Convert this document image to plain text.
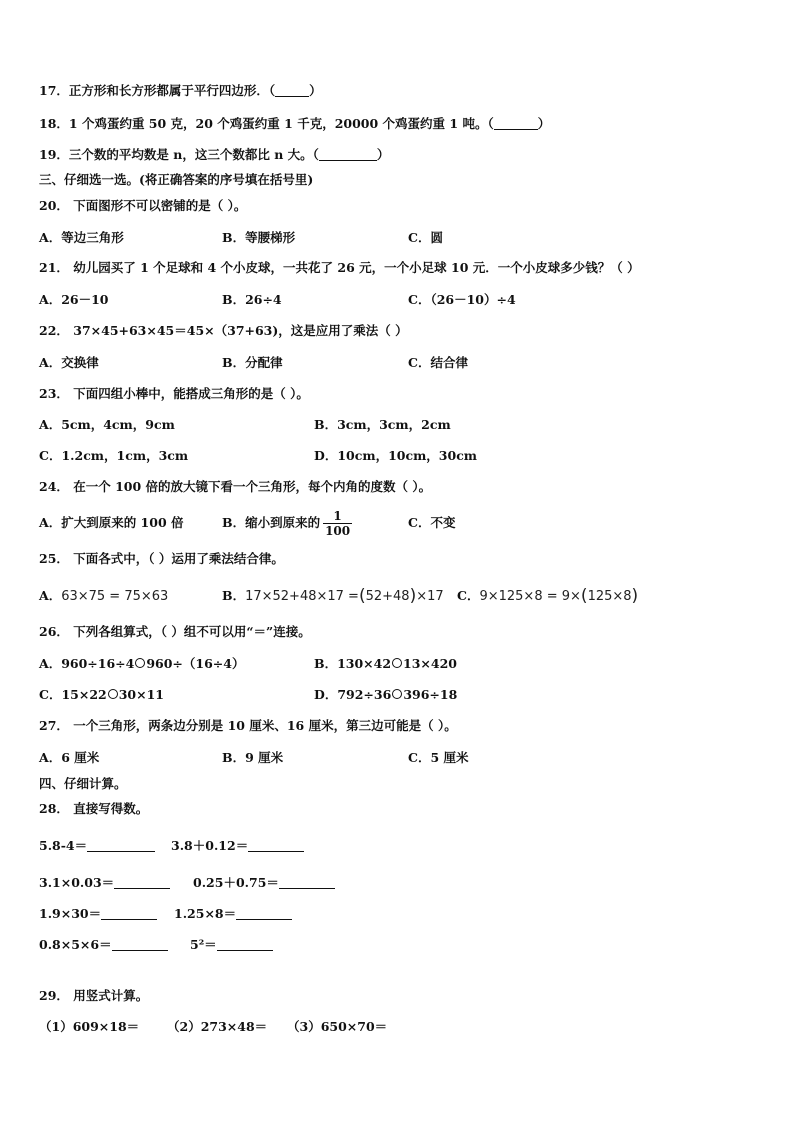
17．正方形和长方形都属于平行四边形．（	）
18．1 个鸡蛋约重 50 克，20 个鸡蛋约重 1 千克，20000 个鸡蛋约重 1 吨。（	）
19．三个数的平均数是 n，这三个数都比 n 大。（	）
三、仔细选一选。(将正确答案的序号填在括号里)
20． 下面图形不可以密铺的是（ ）。
A．等边三角形	B．等腰梯形	C．圆
21． 幼儿园买了 1 个足球和 4 个小皮球，一共花了 26 元，一个小足球 10 元．一个小皮球多少钱？（ ）
A．26－10	B．26÷4	C．（26－10）÷4
22． 37×45+63×45＝45×（37+63)，这是应用了乘法（ ）
A．交换律	B．分配律	C．结合律
23． 下面四组小棒中，能搭成三角形的是（ ）。
A．5cm，4cm，9cm	B．3cm，3cm，2cm
C．1.2cm，1cm，3cm	D．10cm，10cm，30cm
24． 在一个 100 倍的放大镜下看一个三角形，每个内角的度数（ ）。
A．扩大到原来的 100 倍	B．缩小到原来的 $\frac{1}{100}$	C．不变
25． 下面各式中，（ ）运用了乘法结合律。
A．63×75 = 75×63	B．17×52+48×17 =(52+48)×17 C．9×125×8 = 9×(125×8)
26． 下列各组算式，（ ）组不可以用“＝”连接。
A．960÷16÷4 960÷（16÷4）	B．130×42 13×420
C．15×22 30×11	D．792÷36 396÷18
27． 一个三角形，两条边分别是 10 厘米、16 厘米，第三边可能是（ ）。
A．6 厘米	B．9 厘米	C．5 厘米
四、仔细计算。
28． 直接写得数。
5.8-4＝	3.8＋0.12＝
3.1×0.03＝	0.25＋0.75＝
1.9×30＝	1.25×8＝
0.8×5×6＝	5²＝
29． 用竖式计算。
（1）609×18＝ （2）273×48＝ （3）650×70＝
